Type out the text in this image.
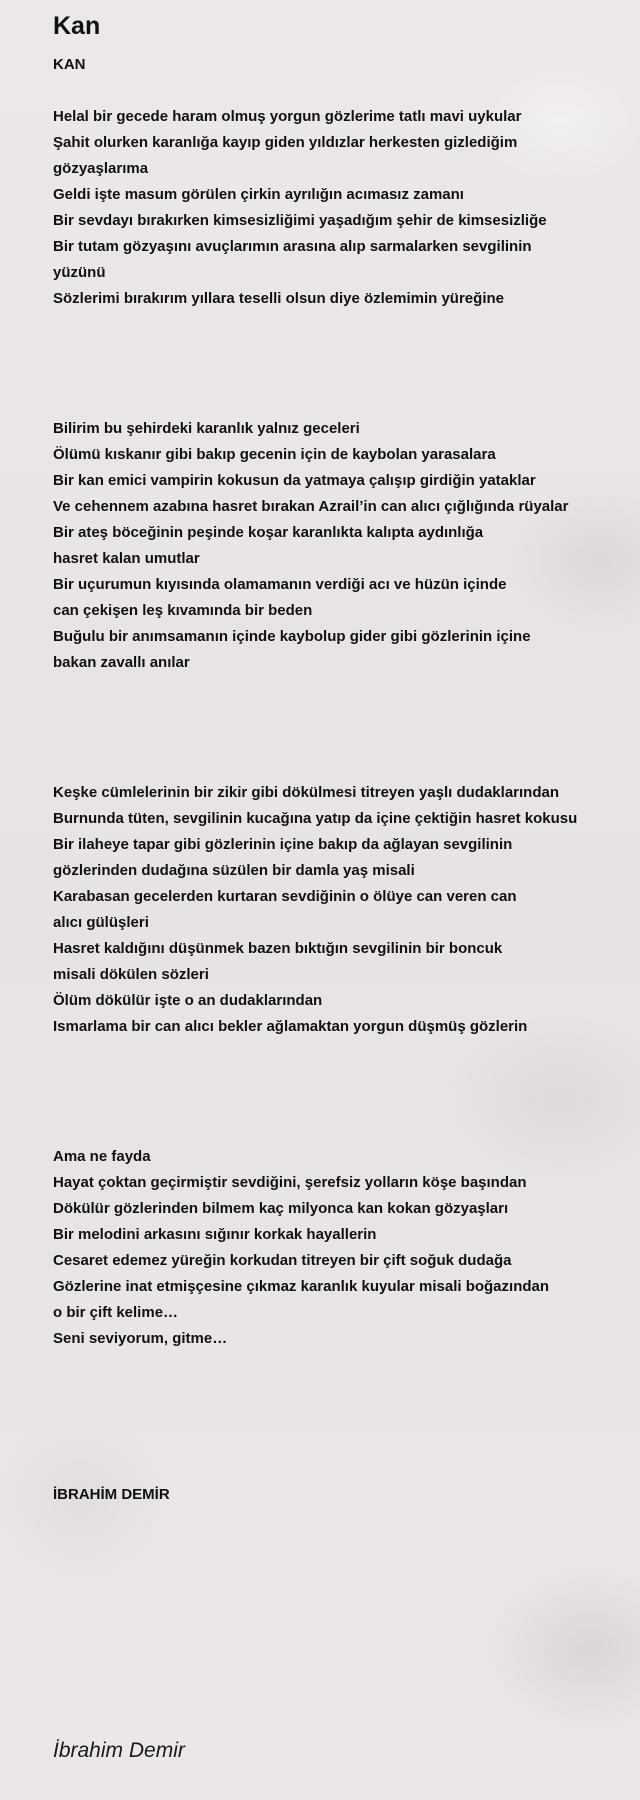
Kan
KAN
Helal bir gecede haram olmuş yorgun gözlerime tatlı mavi uykular
Şahit olurken karanlığa kayıp giden yıldızlar herkesten gizlediğim
gözyaşlarıma
Geldi işte masum görülen çirkin ayrılığın acımasız zamanı
Bir sevdayı bırakırken kimsesizliğimi yaşadığım şehir de kimsesizliğe
Bir tutam gözyaşını avuçlarımın arasına alıp sarmalarken sevgilinin
yüzünü
Sözlerimi bırakırım yıllara teselli olsun diye özlemimin yüreğine
Bilirim bu şehirdeki karanlık yalnız geceleri
Ölümü kıskanır gibi bakıp gecenin için de kaybolan yarasalara
Bir kan emici vampirin kokusun da yatmaya çalışıp girdiğin yataklar
Ve cehennem azabına hasret bırakan Azrail’in can alıcı çığlığında rüyalar
Bir ateş böceğinin peşinde koşar karanlıkta kalıpta aydınlığa
hasret kalan umutlar
Bir uçurumun kıyısında olamamanın verdiği acı ve hüzün içinde
can çekişen leş kıvamında bir beden
Buğulu bir anımsamanın içinde kaybolup gider gibi gözlerinin içine
bakan zavallı anılar
Keşke cümlelerinin bir zikir gibi dökülmesi titreyen yaşlı dudaklarından
Burnunda tüten, sevgilinin kucağına yatıp da içine çektiğin hasret kokusu
Bir ilaheye tapar gibi gözlerinin içine bakıp da ağlayan sevgilinin
gözlerinden dudağına süzülen bir damla yaş misali
Karabasan gecelerden kurtaran sevdiğinin o ölüye can veren can
alıcı gülüşleri
Hasret kaldığını düşünmek bazen bıktığın sevgilinin bir boncuk
misali dökülen sözleri
Ölüm dökülür işte o an dudaklarından
Ismarlama bir can alıcı bekler ağlamaktan yorgun düşmüş gözlerin
Ama ne fayda
Hayat çoktan geçirmiştir sevdiğini, şerefsiz yolların köşe başından
Dökülür gözlerinden bilmem kaç milyonca kan kokan gözyaşları
Bir melodini arkasını sığınır korkak hayallerin
Cesaret edemez yüreğin korkudan titreyen bir çift soğuk dudağa
Gözlerine inat etmişçesine çıkmaz karanlık kuyular misali boğazından
o bir çift kelime…
Seni seviyorum, gitme…
İBRAHİM DEMİR
İbrahim Demir
